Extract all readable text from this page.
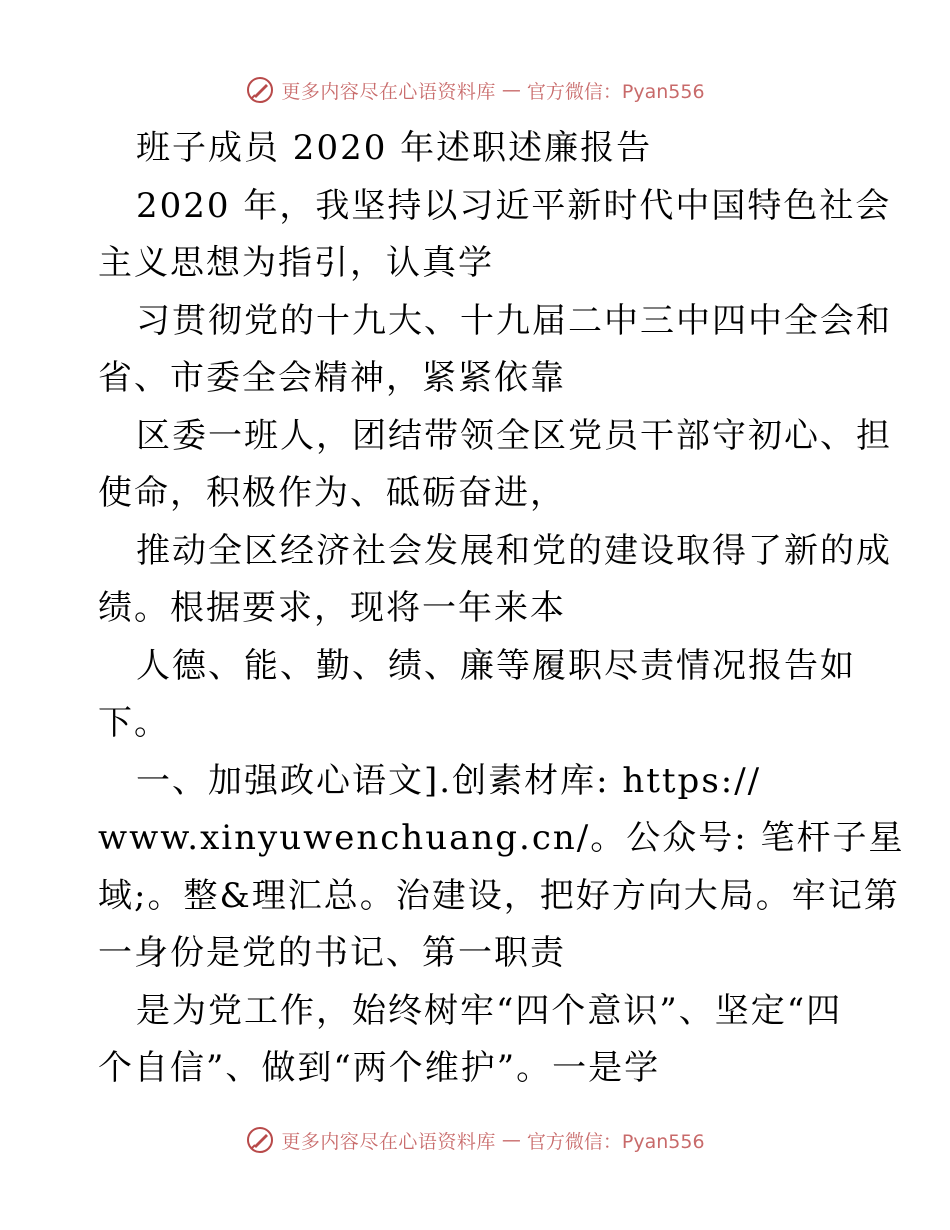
更多内容尽在心语资料库 — 官方微信：Pyan556
班子成员 2020 年述职述廉报告
2020 年，我坚持以习近平新时代中国特色社会
主义思想为指引，认真学
习贯彻党的十九大、十九届二中三中四中全会和
省、市委全会精神，紧紧依靠
区委一班人，团结带领全区党员干部守初心、担
使命，积极作为、砥砺奋进，
推动全区经济社会发展和党的建设取得了新的成
绩。根据要求，现将一年来本
人德、能、勤、绩、廉等履职尽责情况报告如
下。
一、加强政心语文].创素材库: https://
www.xinyuwenchuang.cn/。公众号: 笔杆子星
域;。整&理汇总。治建设，把好方向大局。牢记第
一身份是党的书记、第一职责
是为党工作，始终树牢“四个意识”、坚定“四
个自信”、做到“两个维护”。一是学
更多内容尽在心语资料库 — 官方微信：Pyan556
